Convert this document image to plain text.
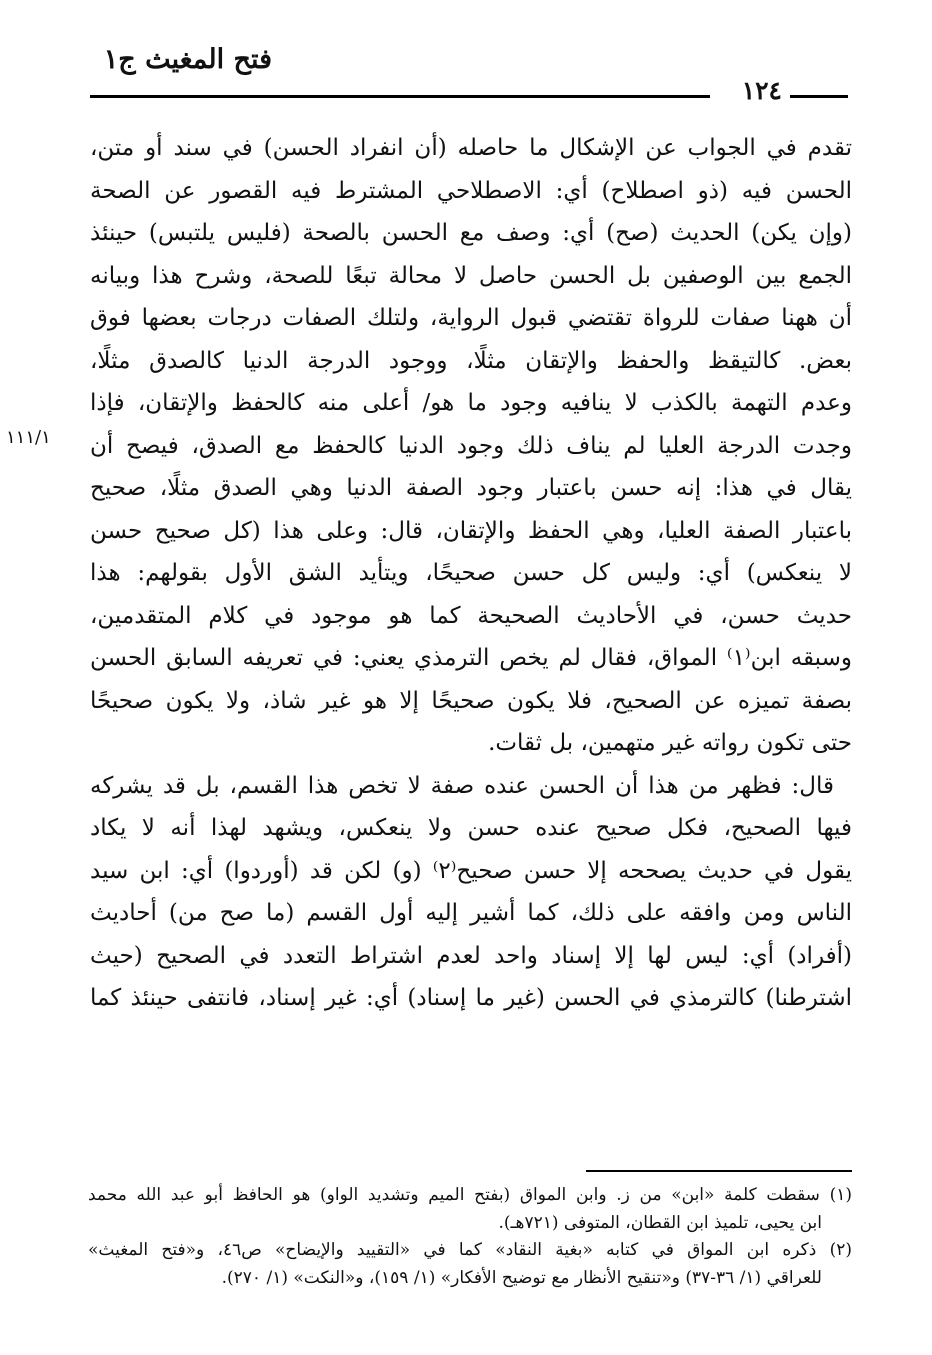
فتح المغيث ج١
١٢٤
١١١/١
تقدم في الجواب عن الإشكال ما حاصله (أن انفراد الحسن) في سند أو متن،
الحسن فيه (ذو اصطلاح) أي: الاصطلاحي المشترط فيه القصور عن الصحة
(وإن يكن) الحديث (صح) أي: وصف مع الحسن بالصحة (فليس يلتبس) حينئذ
الجمع بين الوصفين بل الحسن حاصل لا محالة تبعًا للصحة، وشرح هذا وبيانه
أن ههنا صفات للرواة تقتضي قبول الرواية، ولتلك الصفات درجات بعضها فوق
بعض. كالتيقظ والحفظ والإتقان مثلًا، ووجود الدرجة الدنيا كالصدق مثلًا،
وعدم التهمة بالكذب لا ينافيه وجود ما هو/ أعلى منه كالحفظ والإتقان، فإذا
وجدت الدرجة العليا لم يناف ذلك وجود الدنيا كالحفظ مع الصدق، فيصح أن
يقال في هذا: إنه حسن باعتبار وجود الصفة الدنيا وهي الصدق مثلًا، صحيح
باعتبار الصفة العليا، وهي الحفظ والإتقان، قال: وعلى هذا (كل صحيح حسن
لا ينعكس) أي: وليس كل حسن صحيحًا، ويتأيد الشق الأول بقولهم: هذا
حديث حسن، في الأحاديث الصحيحة كما هو موجود في كلام المتقدمين،
وسبقه ابن⁽١⁾ المواق، فقال لم يخص الترمذي يعني: في تعريفه السابق الحسن
بصفة تميزه عن الصحيح، فلا يكون صحيحًا إلا هو غير شاذ، ولا يكون صحيحًا
حتى تكون رواته غير متهمين، بل ثقات.
قال: فظهر من هذا أن الحسن عنده صفة لا تخص هذا القسم، بل قد يشركه
فيها الصحيح، فكل صحيح عنده حسن ولا ينعكس، ويشهد لهذا أنه لا يكاد
يقول في حديث يصححه إلا حسن صحيح⁽٢⁾ (و) لكن قد (أوردوا) أي: ابن سيد
الناس ومن وافقه على ذلك، كما أشير إليه أول القسم (ما صح من) أحاديث
(أفراد) أي: ليس لها إلا إسناد واحد لعدم اشتراط التعدد في الصحيح (حيث
اشترطنا) كالترمذي في الحسن (غير ما إسناد) أي: غير إسناد، فانتفى حينئذ كما
(١) سقطت كلمة «ابن» من ز. وابن المواق (بفتح الميم وتشديد الواو) هو الحافظ أبو عبد الله محمد
ابن يحيى، تلميذ ابن القطان، المتوفى (٧٢١هـ).
(٢) ذكره ابن المواق في كتابه «بغية النقاد» كما في «التقييد والإيضاح» ص٤٦، و«فتح المغيث»
للعراقي (١/ ٣٦-٣٧) و«تنقيح الأنظار مع توضيح الأفكار» (١/ ١٥٩)، و«النكت» (١/ ٢٧٠).
